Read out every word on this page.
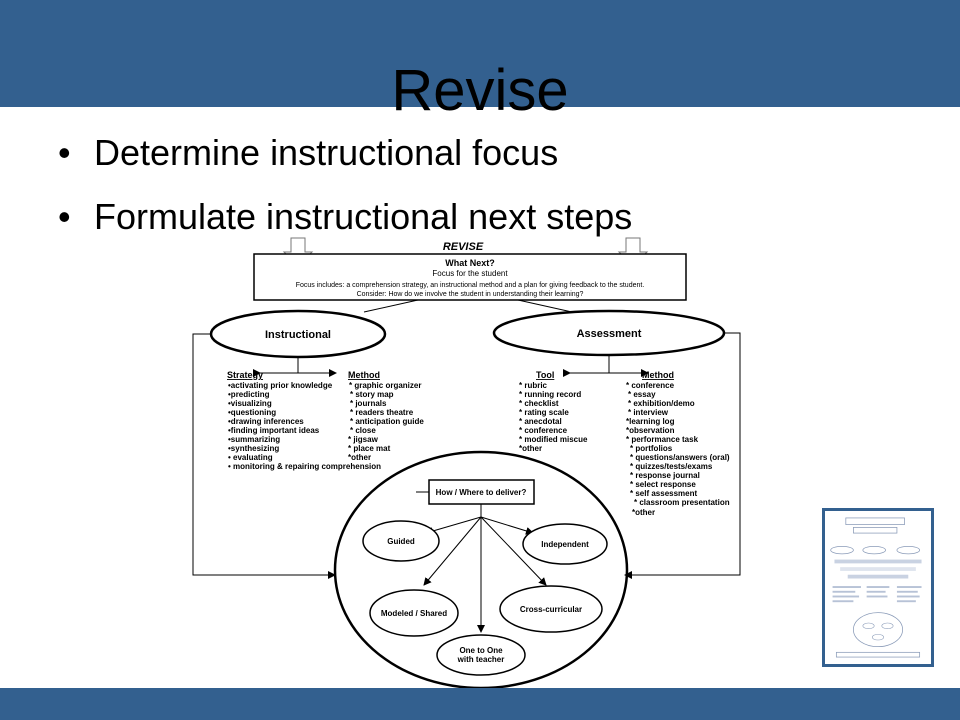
Revise
• Determine instructional focus
• Formulate instructional next steps
REVISE
What Next?
Focus for the student
Focus includes: a comprehension strategy, an instructional method and a plan for giving feedback to the student.
Consider: How do we involve the student in understanding their learning?
Instructional	Assessment
Strategy
•activating prior knowledge
•predicting
•visualizing
•questioning
•drawing inferences
•finding important ideas
•summarizing
•synthesizing
• evaluating
• monitoring & repairing comprehension
Method
* graphic organizer
* story map
* journals
* readers theatre
* anticipation guide
* close
* jigsaw
* place mat
*other
Tool
* rubric
* running record
* checklist
* rating scale
* anecdotal
* conference
* modified miscue
*other
Method
* conference
* essay
* exhibition/demo
* interview
*learning log
*observation
* performance task
* portfolios
* questions/answers (oral)
* quizzes/tests/exams
* response journal
* select response
* self assessment
* classroom presentation
*other
How / Where to deliver?
Guided	Independent
Modeled / Shared	Cross-curricular
One to One
with teacher
